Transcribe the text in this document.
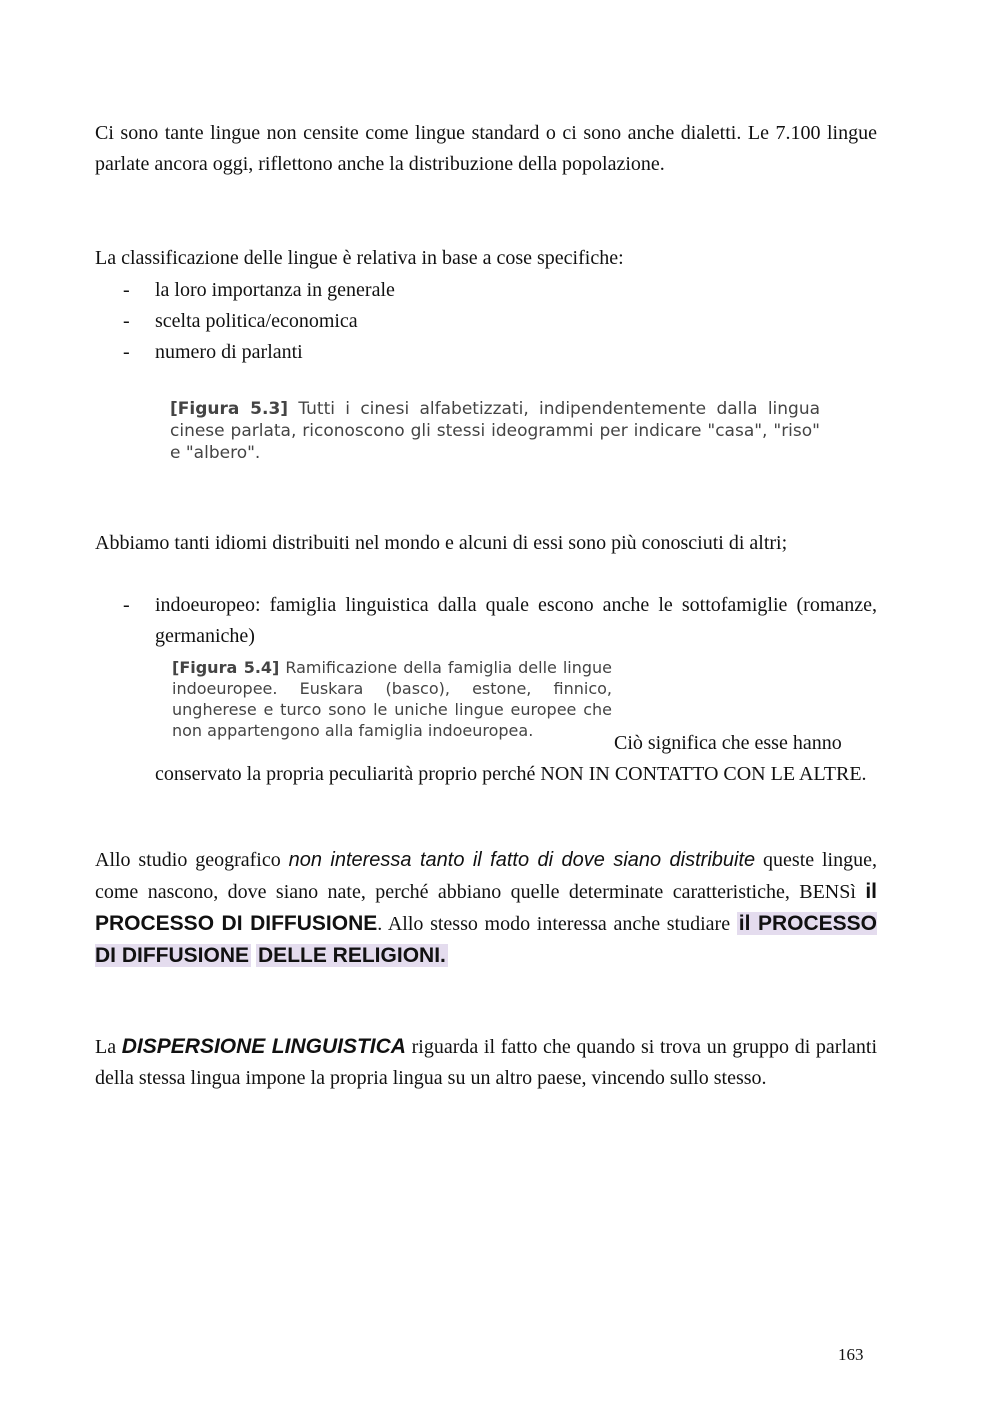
Ci sono tante lingue non censite come lingue standard o ci sono anche dialetti. Le 7.100 lingue parlate ancora oggi, riflettono anche la distribuzione della popolazione.

La classificazione delle lingue è relativa in base a cose specifiche:

- la loro importanza in generale
- scelta politica/economica
- numero di parlanti

[Figura 5.3] Tutti i cinesi alfabetizzati, indipendentemente dalla lingua cinese parlata, riconoscono gli stessi ideogrammi per indicare "casa", "riso" e "albero".

Abbiamo tanti idiomi distribuiti nel mondo e alcuni di essi sono più conosciuti di altri;

- indoeuropeo: famiglia linguistica dalla quale escono anche le sottofamiglie (romanze, germaniche)

[Figura 5.4] Ramificazione della famiglia delle lingue indoeuropee. Euskara (basco), estone, finnico, ungherese e turco sono le uniche lingue europee che non appartengono alla famiglia indoeuropea.

Ciò significa che esse hanno
conservato la propria peculiarità proprio perché NON IN CONTATTO CON LE ALTRE.

Allo studio geografico non interessa tanto il fatto di dove siano distribuite queste lingue, come nascono, dove siano nate, perché abbiano quelle determinate caratteristiche, BENSì il PROCESSO DI DIFFUSIONE. Allo stesso modo interessa anche studiare il PROCESSO DI DIFFUSIONE DELLE RELIGIONI.

La DISPERSIONE LINGUISTICA riguarda il fatto che quando si trova un gruppo di parlanti della stessa lingua impone la propria lingua su un altro paese, vincendo sullo stesso.

163
